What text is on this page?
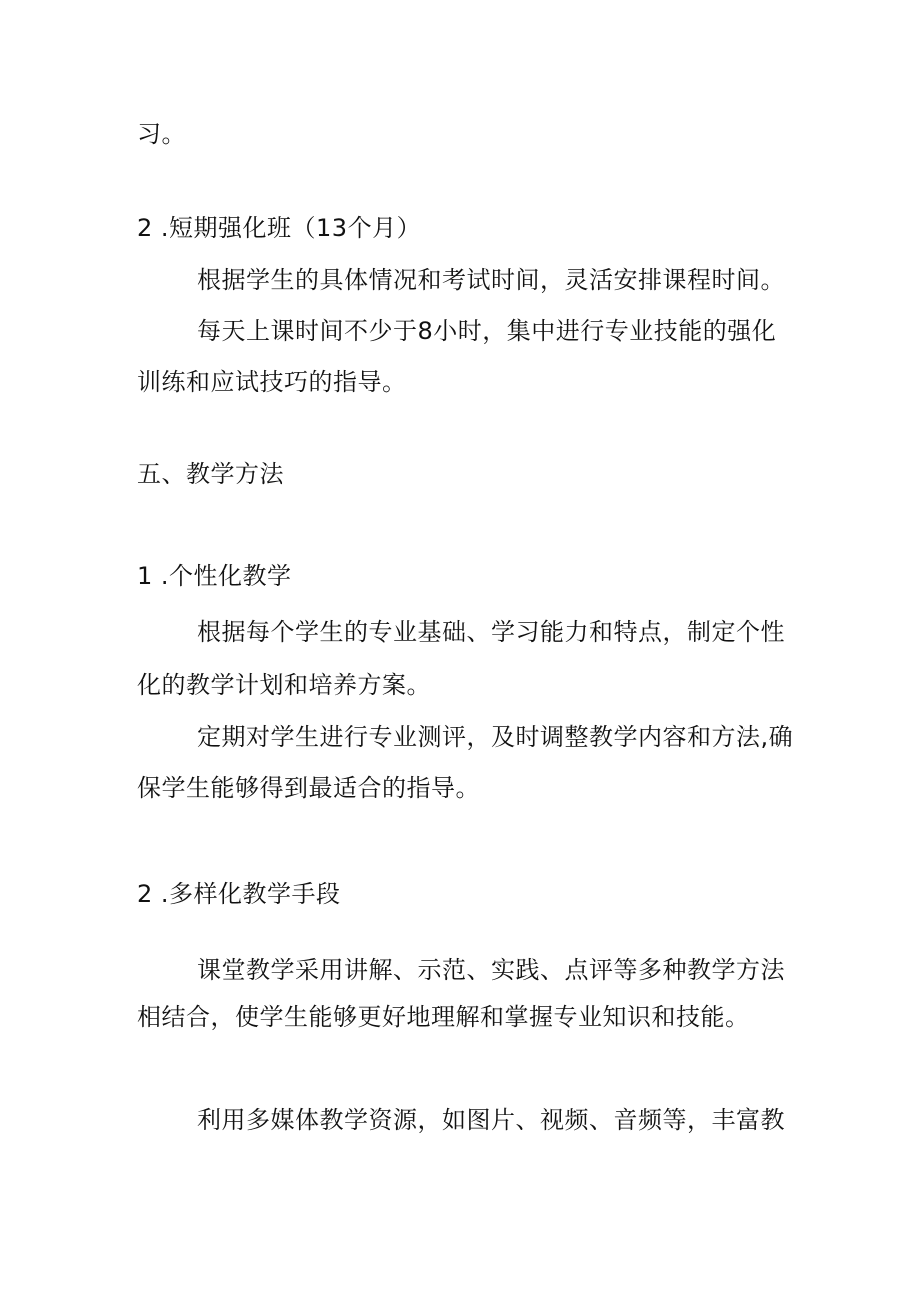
习。
2 .短期强化班（13个月）
根据学生的具体情况和考试时间，灵活安排课程时间。
每天上课时间不少于8小时，集中进行专业技能的强化
训练和应试技巧的指导。
五、教学方法
1 .个性化教学
根据每个学生的专业基础、学习能力和特点，制定个性
化的教学计划和培养方案。
定期对学生进行专业测评，及时调整教学内容和方法,确
保学生能够得到最适合的指导。
2 .多样化教学手段
课堂教学采用讲解、示范、实践、点评等多种教学方法
相结合，使学生能够更好地理解和掌握专业知识和技能。
利用多媒体教学资源，如图片、视频、音频等，丰富教
